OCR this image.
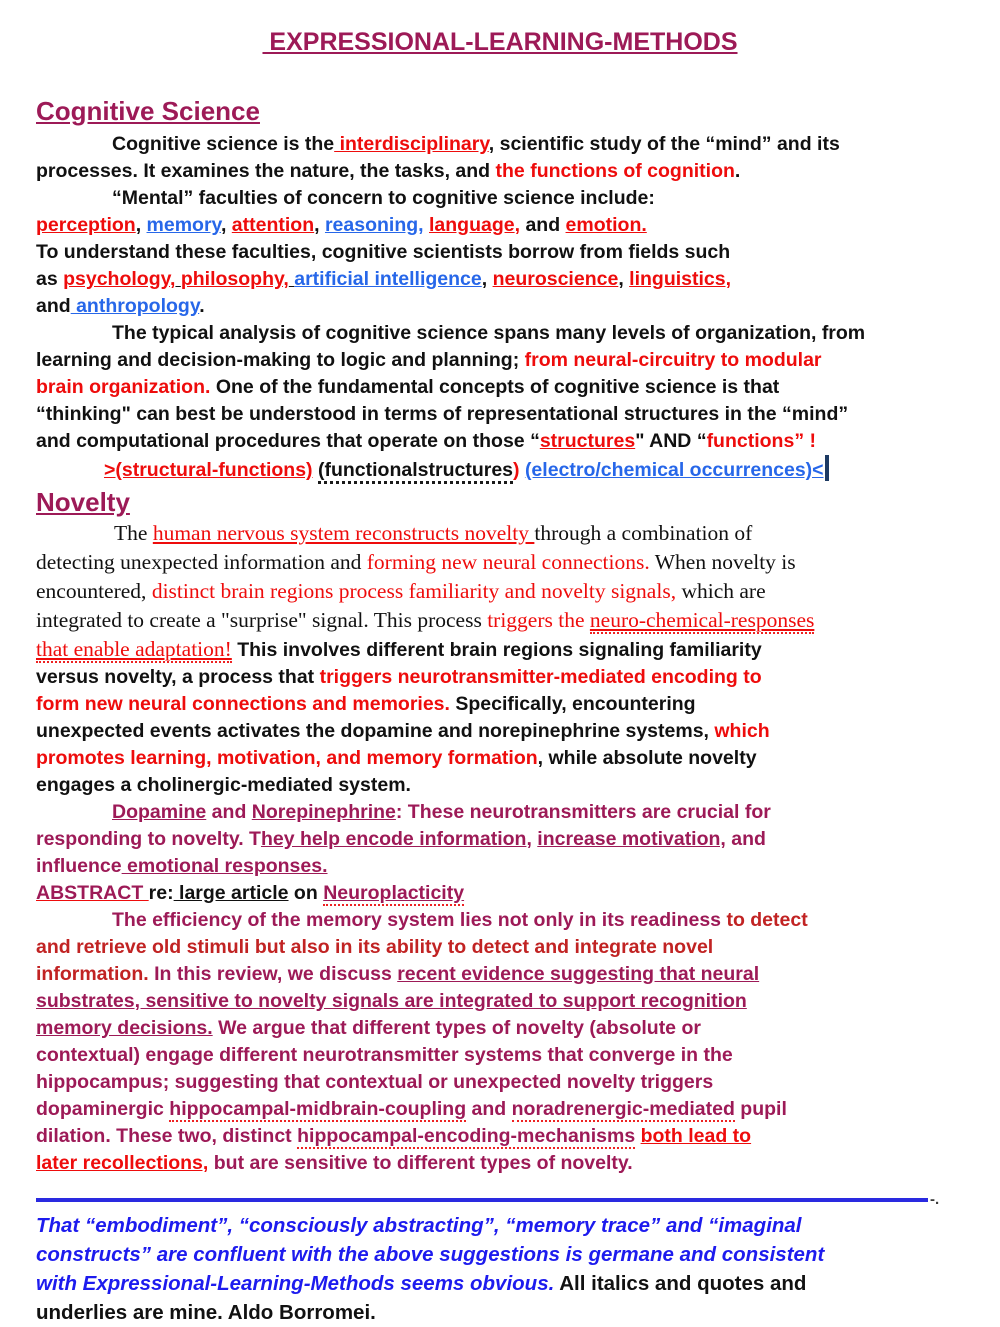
EXPRESSIONAL-LEARNING-METHODS
Cognitive Science

Cognitive science is the interdisciplinary, scientific study of the “mind” and its
processes. It examines the nature, the tasks, and the functions of cognition.
“Mental” faculties of concern to cognitive science include:
perception, memory, attention, reasoning, language, and emotion.
To understand these faculties, cognitive scientists borrow from fields such
as psychology, philosophy, artificial intelligence, neuroscience, linguistics,
and anthropology.

The typical analysis of cognitive science spans many levels of organization, from
learning and decision-making to logic and planning; from neural-circuitry to modular
brain organization. One of the fundamental concepts of cognitive science is that
“thinking" can best be understood in terms of representational structures in the “mind”
and computational procedures that operate on those “structures" AND “functions” !
>(structural-functions) (functionalstructures) (electro/chemical occurrences)<

Novelty

The human nervous system reconstructs novelty through a combination of
detecting unexpected information and forming new neural connections. When novelty is
encountered, distinct brain regions process familiarity and novelty signals, which are
integrated to create a "surprise" signal. This process triggers the neuro-chemical-responses
that enable adaptation! This involves different brain regions signaling familiarity
versus novelty, a process that triggers neurotransmitter-mediated encoding to
form new neural connections and memories. Specifically, encountering
unexpected events activates the dopamine and norepinephrine systems, which
promotes learning, motivation, and memory formation, while absolute novelty
engages a cholinergic-mediated system.

Dopamine and Norepinephrine: These neurotransmitters are crucial for
responding to novelty. They help encode information, increase motivation, and
influence emotional responses.

ABSTRACT re: large article on Neuroplacticity

The efficiency of the memory system lies not only in its readiness to detect
and retrieve old stimuli but also in its ability to detect and integrate novel
information. In this review, we discuss recent evidence suggesting that neural
substrates, sensitive to novelty signals are integrated to support recognition
memory decisions. We argue that different types of novelty (absolute or
contextual) engage different neurotransmitter systems that converge in the
hippocampus; suggesting that contextual or unexpected novelty triggers
dopaminergic hippocampal-midbrain-coupling and noradrenergic-mediated pupil
dilation. These two, distinct hippocampal-encoding-mechanisms both lead to
later recollections, but are sensitive to different types of novelty.

-.

That “embodiment”, “consciously abstracting”, “memory trace” and “imaginal
constructs” are confluent with the above suggestions is germane and consistent
with Expressional-Learning-Methods seems obvious. All italics and quotes and
underlies are mine. Aldo Borromei.
